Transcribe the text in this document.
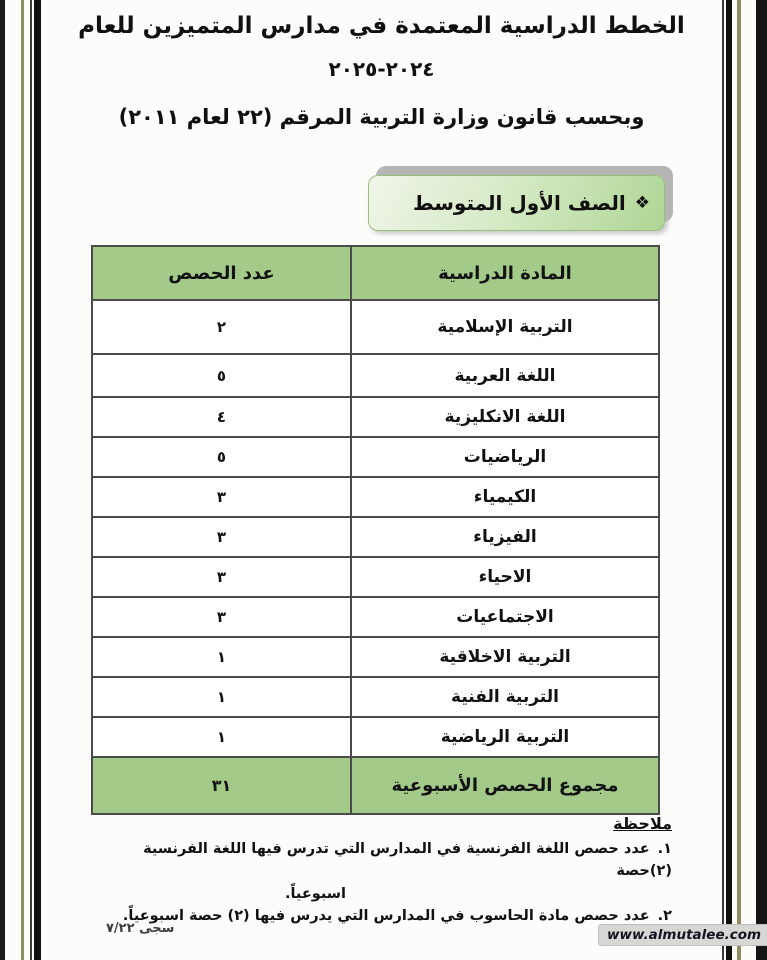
الخطط الدراسية المعتمدة في مدارس المتميزين للعام
٢٠٢٤-٢٠٢٥
وبحسب قانون وزارة التربية المرقم (٢٢ لعام ٢٠١١)
❖
الصف الأول المتوسط
المادة الدراسية	عدد الحصص
التربية الإسلامية	٢
اللغة العربية	٥
اللغة الانكليزية	٤
الرياضيات	٥
الكيمياء	٣
الفيزياء	٣
الاحياء	٣
الاجتماعيات	٣
التربية الاخلاقية	١
التربية الفنية	١
التربية الرياضية	١
مجموع الحصص الأسبوعية	٣١
ملاحظة
١.عدد حصص اللغة الفرنسية في المدارس التي تدرس فيها اللغة الفرنسية (٢)حصة
اسبوعياً.
٢.عدد حصص مادة الحاسوب في المدارس التي يدرس فيها (٢) حصة اسبوعياً.
سجى ٧/٢٢	www.almutalee.com
